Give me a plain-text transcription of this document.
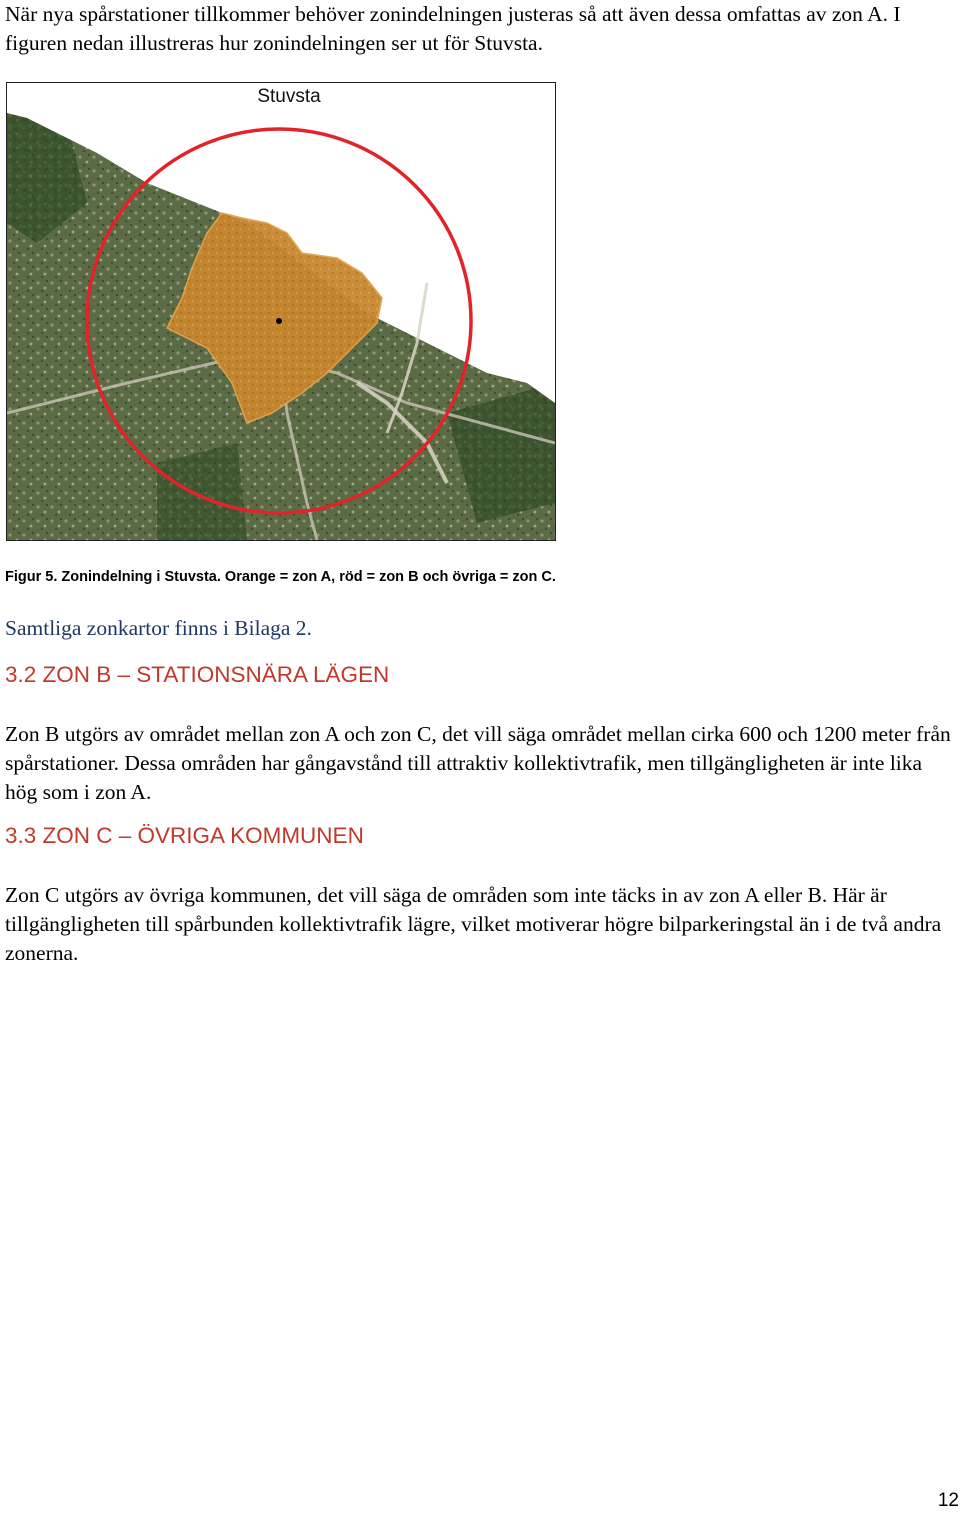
När nya spårstationer tillkommer behöver zonindelningen justeras så att även dessa omfattas av zon A. I figuren nedan illustreras hur zonindelningen ser ut för Stuvsta.

Stuvsta

Figur 5. Zonindelning i Stuvsta. Orange = zon A, röd = zon B och övriga = zon C.

Samtliga zonkartor finns i Bilaga 2.

3.2 ZON B – STATIONSNÄRA LÄGEN

Zon B utgörs av området mellan zon A och zon C, det vill säga området mellan cirka 600 och 1200 meter från spårstationer. Dessa områden har gångavstånd till attraktiv kollektivtrafik, men tillgängligheten är inte lika hög som i zon A.

3.3 ZON C – ÖVRIGA KOMMUNEN

Zon C utgörs av övriga kommunen, det vill säga de områden som inte täcks in av zon A eller B. Här är tillgängligheten till spårbunden kollektivtrafik lägre, vilket motiverar högre bilparkeringstal än i de två andra zonerna.

12
